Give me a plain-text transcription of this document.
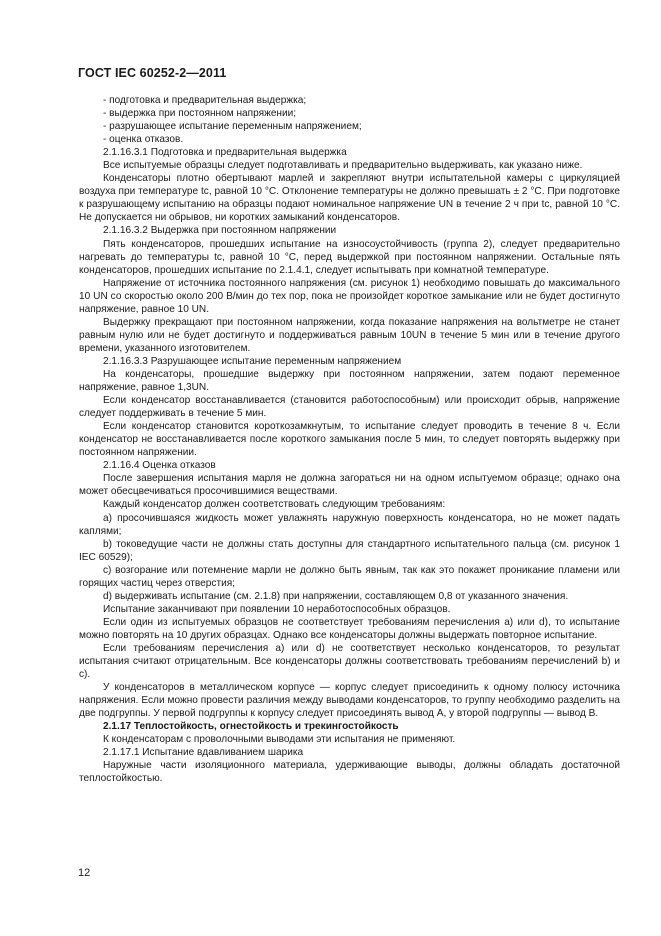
ГОСТ IEC 60252-2—2011

- подготовка и предварительная выдержка;

- выдержка при постоянном напряжении;

- разрушающее испытание переменным напряжением;

- оценка отказов.

2.1.16.3.1 Подготовка и предварительная выдержка

Все испытуемые образцы следует подготавливать и предварительно выдерживать, как указано ниже.

Конденсаторы плотно обертывают марлей и закрепляют внутри испытательной камеры с циркуляцией воздуха при температуре tc, равной 10 °C. Отклонение температуры не должно превышать ± 2 °C. При подготовке к разрушающему испытанию на образцы подают номинальное напряжение UN в течение 2 ч при tc, равной 10 °C. Не допускается ни обрывов, ни коротких замыканий конденсаторов.

2.1.16.3.2 Выдержка при постоянном напряжении

Пять конденсаторов, прошедших испытание на износоустойчивость (группа 2), следует предварительно нагревать до температуры tc, равной 10 °C, перед выдержкой при постоянном напряжении. Остальные пять конденсаторов, прошедших испытание по 2.1.4.1, следует испытывать при комнатной температуре.

Напряжение от источника постоянного напряжения (см. рисунок 1) необходимо повышать до максимального 10 UN со скоростью около 200 В/мин до тех пор, пока не произойдет короткое замыкание или не будет достигнуто напряжение, равное 10 UN.

Выдержку прекращают при постоянном напряжении, когда показание напряжения на вольтметре не станет равным нулю или не будет достигнуто и поддерживаться равным 10UN в течение 5 мин или в течение другого времени, указанного изготовителем.

2.1.16.3.3 Разрушающее испытание переменным напряжением

На конденсаторы, прошедшие выдержку при постоянном напряжении, затем подают переменное напряжение, равное 1,3UN.

Если конденсатор восстанавливается (становится работоспособным) или происходит обрыв, напряжение следует поддерживать в течение 5 мин.

Если конденсатор становится короткозамкнутым, то испытание следует проводить в течение 8 ч. Если конденсатор не восстанавливается после короткого замыкания после 5 мин, то следует повторять выдержку при постоянном напряжении.

2.1.16.4 Оценка отказов

После завершения испытания марля не должна загораться ни на одном испытуемом образце; однако она может обесцвечиваться просочившимися веществами.

Каждый конденсатор должен соответствовать следующим требованиям:

a) просочившаяся жидкость может увлажнять наружную поверхность конденсатора, но не может падать каплями;

b) токоведущие части не должны стать доступны для стандартного испытательного пальца (см. рисунок 1 IEC 60529);

c) возгорание или потемнение марли не должно быть явным, так как это покажет проникание пламени или горящих частиц через отверстия;

d) выдерживать испытание (см. 2.1.8) при напряжении, составляющем 0,8 от указанного значения.

Испытание заканчивают при появлении 10 неработоспособных образцов.

Если один из испытуемых образцов не соответствует требованиям перечисления a) или d), то испытание можно повторять на 10 других образцах. Однако все конденсаторы должны выдержать повторное испытание.

Если требованиям перечисления a) или d) не соответствует несколько конденсаторов, то результат испытания считают отрицательным. Все конденсаторы должны соответствовать требованиям перечислений b) и c).

У конденсаторов в металлическом корпусе — корпус следует присоединить к одному полюсу источника напряжения. Если можно провести различия между выводами конденсаторов, то группу необходимо разделить на две подгруппы. У первой подгруппы к корпусу следует присоединять вывод A, у второй подгруппы — вывод B.

2.1.17 Теплостойкость, огнестойкость и трекингостойкость

К конденсаторам с проволочными выводами эти испытания не применяют.

2.1.17.1 Испытание вдавливанием шарика

Наружные части изоляционного материала, удерживающие выводы, должны обладать достаточной теплостойкостью.

12
